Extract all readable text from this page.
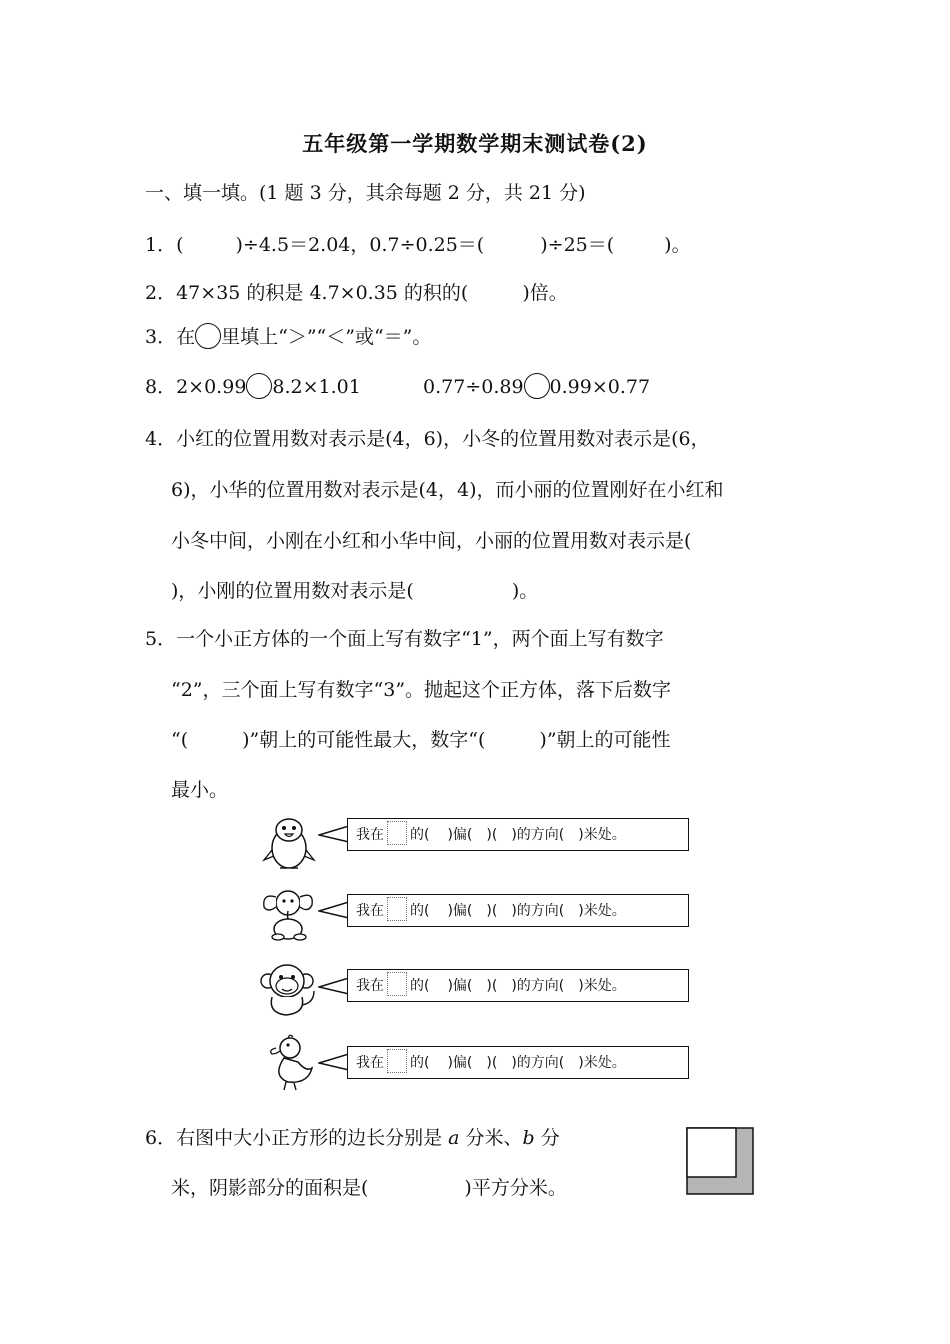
五年级第一学期数学期末测试卷(2)
一、填一填。(1 题 3 分，其余每题 2 分，共 21 分)
1．(	)÷4.5＝2.04，0.7÷0.25＝(	)÷25＝(	)。
2．47×35 的积是 4.7×0.35 的积的(	)倍。
3．在 里填上“＞”“＜”或“＝”。
8．2×0.99 8.2×1.01	0.77÷0.89 0.99×0.77
4．小红的位置用数对表示是(4，6)，小冬的位置用数对表示是(6，
6)，小华的位置用数对表示是(4，4)，而小丽的位置刚好在小红和
小冬中间，小刚在小红和小华中间，小丽的位置用数对表示是(
)，小刚的位置用数对表示是(	)。
5．一个小正方体的一个面上写有数字“1”，两个面上写有数字
“2”，三个面上写有数字“3”。抛起这个正方体，落下后数字
“(	)”朝上的可能性最大，数字“(	)”朝上的可能性
最小。
我在 的( )偏( )( )的方向( )米处。
我在 的( )偏( )( )的方向( )米处。
我在 的( )偏( )( )的方向( )米处。
我在 的( )偏( )( )的方向( )米处。
6．右图中大小正方形的边长分别是 a 分米、b 分
米，阴影部分的面积是(	)平方分米。
